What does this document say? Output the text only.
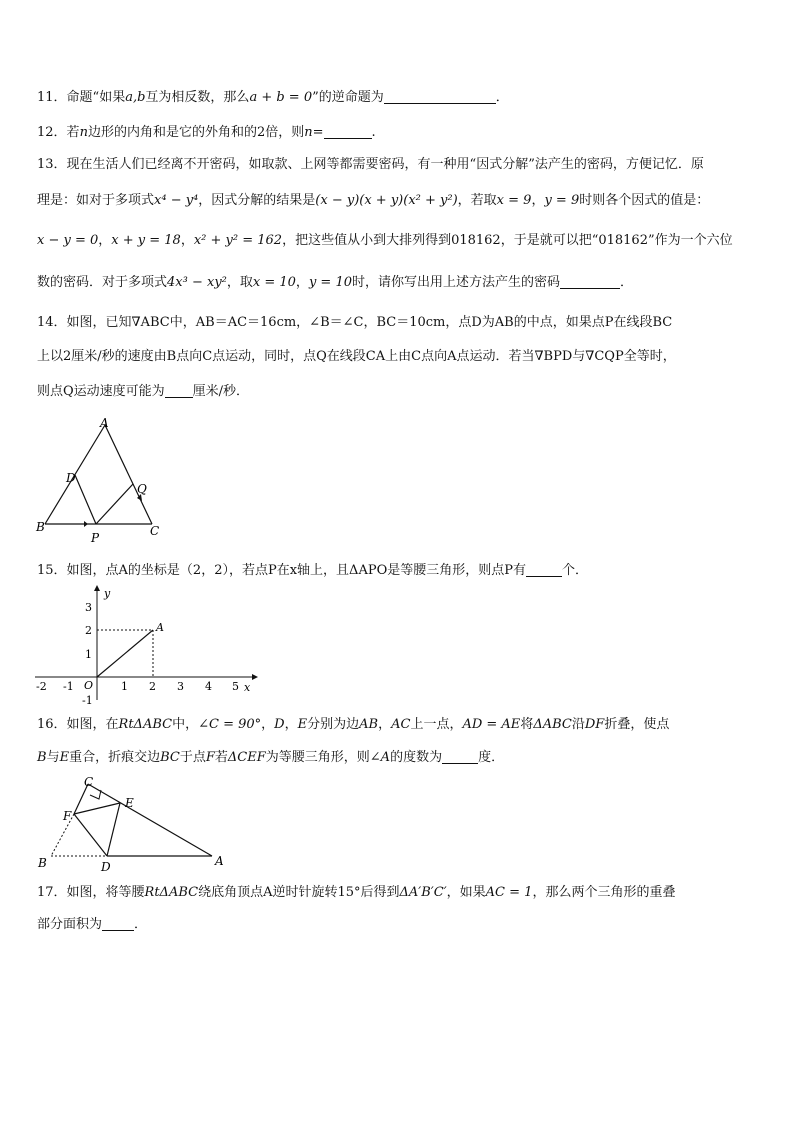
11．命题“如果a,b互为相反数，那么a + b = 0”的逆命题为	．
12．若n边形的内角和是它的外角和的2倍，则n=	.
13．现在生活人们已经离不开密码，如取款、上网等都需要密码，有一种用“因式分解”法产生的密码，方便记忆．原
理是：如对于多项式x⁴ − y⁴，因式分解的结果是(x − y)(x + y)(x² + y²)，若取x = 9，y = 9时则各个因式的值是：
x − y = 0，x + y = 18，x² + y² = 162，把这些值从小到大排列得到018162，于是就可以把“018162”作为一个六位
数的密码．对于多项式4x³ − xy²，取x = 10，y = 10时，请你写出用上述方法产生的密码	．
14．如图，已知∇ABC中，AB＝AC＝16cm，∠B＝∠C，BC＝10cm，点D为AB的中点，如果点P在线段BC
上以2厘米/秒的速度由B点向C点运动，同时，点Q在线段CA上由C点向A点运动．若当∇BPD与∇CQP全等时，
则点Q运动速度可能为 厘米/秒．
A
D
Q
B	C
P
15．如图，点A的坐标是（2，2），若点P在x轴上，且ΔAPO是等腰三角形，则点P有	个．
x
y
O
A
-2 -1	1 2 3 4 5
3
2
1
-1
16．如图，在RtΔABC中，∠C = 90°，D，E分别为边AB，AC上一点，AD = AE将ΔABC沿DF折叠，使点
B与E重合，折痕交边BC于点F若ΔCEF为等腰三角形，则∠A的度数为	度．
C
E
F
B	D	A
17．如图，将等腰RtΔABC绕底角顶点A逆时针旋转15°后得到ΔA′B′C′，如果AC = 1，那么两个三角形的重叠
部分面积为 ．
